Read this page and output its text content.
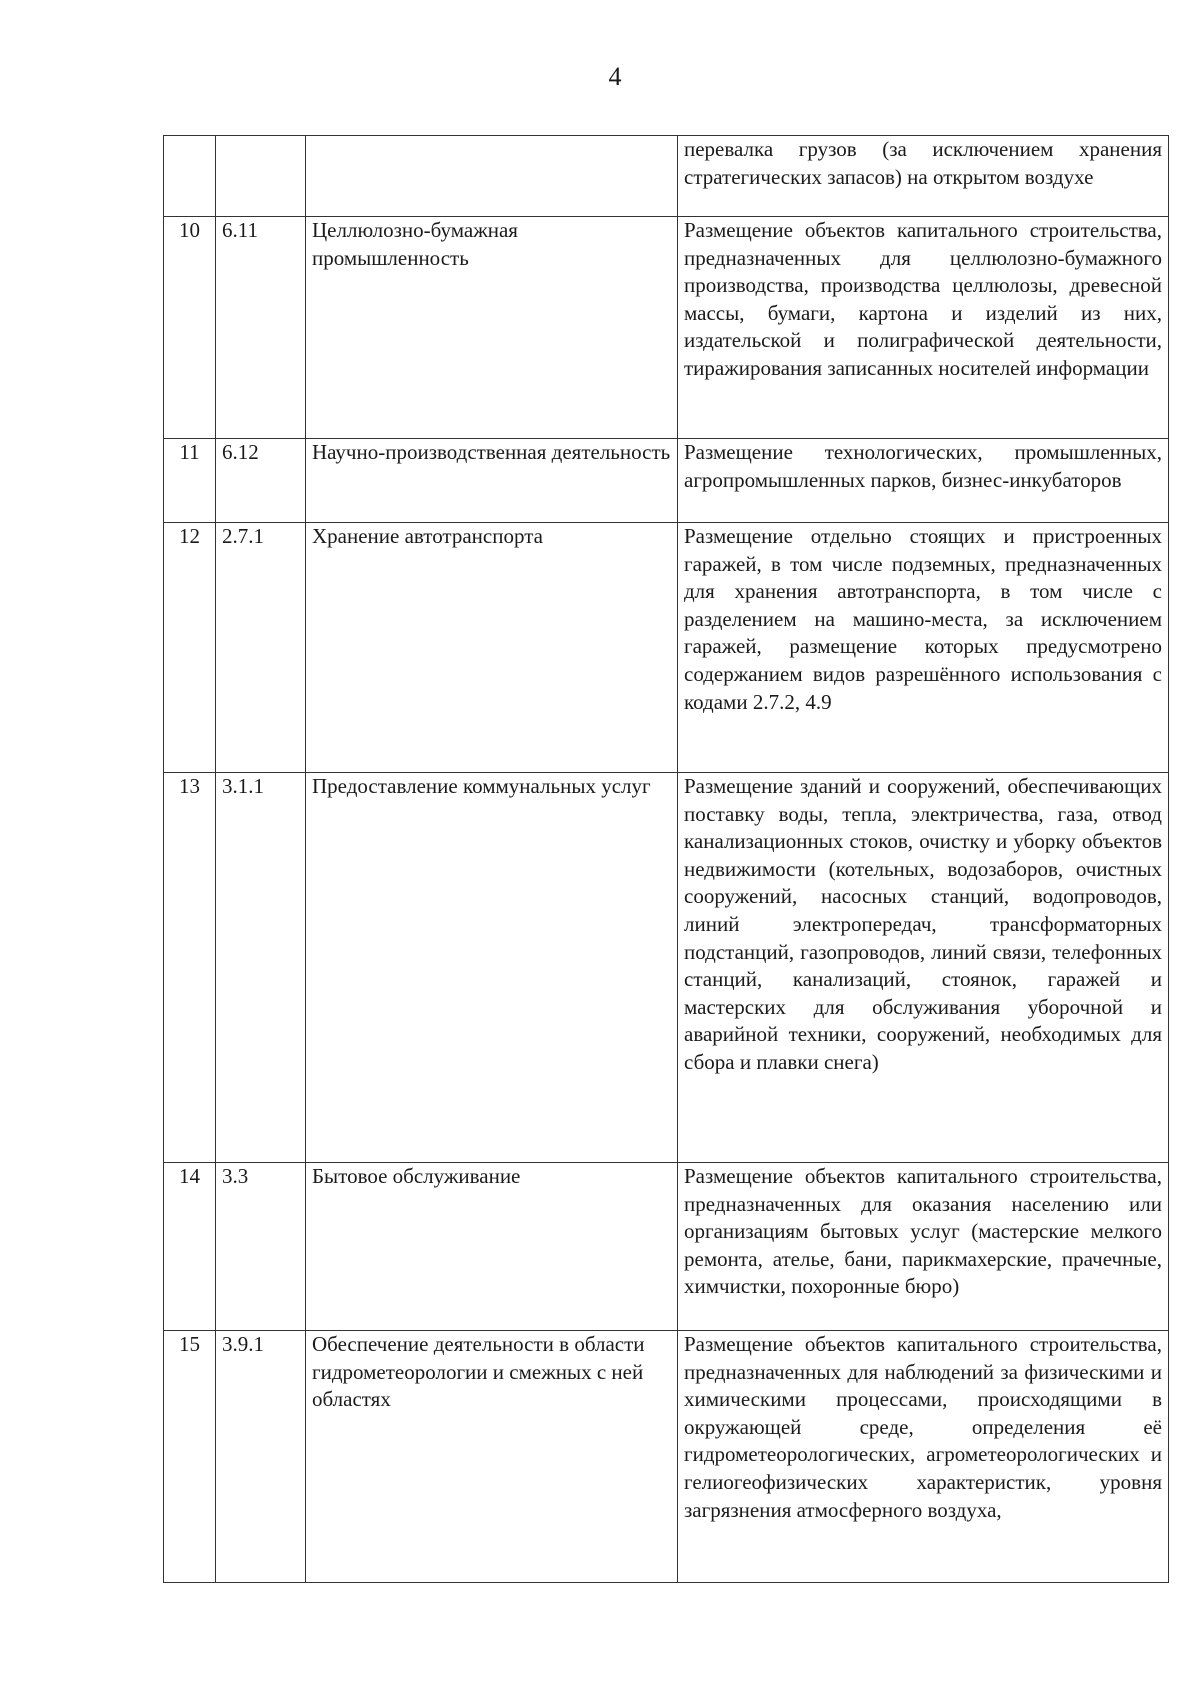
4
			перевалка грузов (за исключением хранения стратегических запасов) на открытом воздухе
10	6.11	Целлюлозно-бумажная промышленность	Размещение объектов капитального строительства, предназначенных для целлюлозно-бумажного производства, производства целлюлозы, древесной массы, бумаги, картона и изделий из них, издательской и полиграфической деятельности, тиражирования записанных носителей информации
11	6.12	Научно-производственная деятельность	Размещение технологических, промышленных, агропромышленных парков, бизнес-инкубаторов
12	2.7.1	Хранение автотранспорта	Размещение отдельно стоящих и пристроенных гаражей, в том числе подземных, предназначенных для хранения автотранспорта, в том числе с разделением на машино-места, за исключением гаражей, размещение которых предусмотрено содержанием видов разрешённого использования с кодами 2.7.2, 4.9
13	3.1.1	Предоставление коммунальных услуг	Размещение зданий и сооружений, обеспечивающих поставку воды, тепла, электричества, газа, отвод канализационных стоков, очистку и уборку объектов недвижимости (котельных, водозаборов, очистных сооружений, насосных станций, водопроводов, линий электропередач, трансформаторных подстанций, газопроводов, линий связи, телефонных станций, канализаций, стоянок, гаражей и мастерских для обслуживания уборочной и аварийной техники, сооружений, необходимых для сбора и плавки снега)
14	3.3	Бытовое обслуживание	Размещение объектов капитального строительства, предназначенных для оказания населению или организациям бытовых услуг (мастерские мелкого ремонта, ателье, бани, парикмахерские, прачечные, химчистки, похоронные бюро)
15	3.9.1	Обеспечение деятельности в области гидрометеорологии и смежных с ней областях	Размещение объектов капитального строительства, предназначенных для наблюдений за физическими и химическими процессами, происходящими в окружающей среде, определения её гидрометеорологических, агрометеорологических и гелиогеофизических характеристик, уровня загрязнения атмосферного воздуха,
